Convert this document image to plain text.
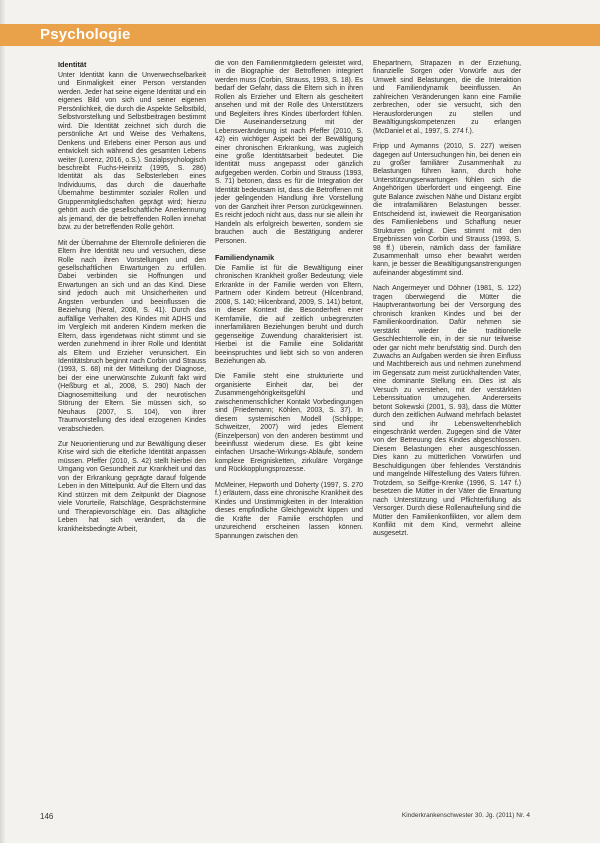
Psychologie
Identität

Unter Identität kann die Unverwechselbarkeit und Einmaligkeit einer Person verstanden werden. Jeder hat seine eigene Identität und ein eigenes Bild von sich und seiner eigenen Persönlichkeit, die durch die Aspekte Selbstbild, Selbstvorstellung und Selbstbeitragen bestimmt wird. Die Identität zeichnet sich durch die persönliche Art und Weise des Verhaltens, Denkens und Erlebens einer Person aus und entwickelt sich während des gesamten Lebens weiter (Lorenz, 2016, o.S.). Sozialpsychologisch beschreibt Fuchs-Heinritz (1995, S. 286) Identität als das Selbsterleben eines Individuums, das durch die dauerhafte Übernahme bestimmter sozialer Rollen und Gruppenmitgliedschaften geprägt wird; hierzu gehört auch die gesellschaftliche Anerkennung als jemand, der die betreffenden Rollen innehat bzw. zu der betreffenden Rolle gehört.

Mit der Übernahme der Elternrolle definieren die Eltern ihre Identität neu und versuchen, diese Rolle nach ihren Vorstellungen und den gesellschaftlichen Erwartungen zu erfüllen. Dabei verbinden sie Hoffnungen und Erwartungen an sich und an das Kind. Diese sind jedoch auch mit Unsicherheiten und Ängsten verbunden und beeinflussen die Beziehung (Neral, 2008, S. 41). Durch das auffällige Verhalten des Kindes mit ADHS und im Vergleich mit anderen Kindern merken die Eltern, dass irgendetwas nicht stimmt und sie werden zunehmend in ihrer Rolle und Identität als Eltern und Erzieher verunsichert. Ein Identitätsbruch beginnt nach Corbin und Strauss (1993, S. 68) mit der Mitteilung der Diagnose, bei der eine unerwünschte Zukunft fakt wird (Heßburg et al., 2008, S. 290) Nach der Diagnosemitteilung und der neurotischen Störung der Eltern. Sie müssen sich, so Neuhaus (2007, S. 104), von ihrer Traumvorstellung des ideal erzogenen Kindes verabschieden.

Zur Neuorientierung und zur Bewältigung dieser Krise wird sich die elterliche Identität anpassen müssen. Pfeffer (2010, S. 42) stellt hierbei den Umgang von Gesundheit zur Krankheit und das von der Erkrankung geprägte darauf folgende Leben in den Mittelpunkt. Auf die Eltern und das Kind stürzen mit dem Zeitpunkt der Diagnose viele Vorurteile, Ratschläge, Gesprächstermine und Therapievorschläge ein. Das alltägliche Leben hat sich verändert, da die krankheitsbedingte Arbeit,

die von den Familienmitgliedern geleistet wird, in die Biographie der Betroffenen integriert werden muss (Corbin, Strauss, 1993, S. 18). Es bedarf der Gefahr, dass die Eltern sich in ihren Rollen als Erzieher und Eltern als gescheitert ansehen und mit der Rolle des Unterstützers und Begleiters ihres Kindes überfordert fühlen. Die Auseinandersetzung mit der Lebensveränderung ist nach Pfeffer (2010, S. 42) ein wichtiger Aspekt bei der Bewältigung einer chronischen Erkrankung, was zugleich eine große Identitätsarbeit bedeutet. Die Identität muss angepasst oder gänzlich aufgegeben werden. Corbin und Strauss (1993, S. 71) betonen, dass es für die Integration der Identität bedeutsam ist, dass die Betroffenen mit jeder gelingenden Handlung ihre Vorstellung von der Ganzheit ihrer Person zurückgewinnen. Es reicht jedoch nicht aus, dass nur sie allein ihr Handeln als erfolgreich bewerten, sondern sie brauchen auch die Bestätigung anderer Personen.

Familiendynamik

Die Familie ist für die Bewältigung einer chronischen Krankheit großer Bedeutung; viele Erkrankte in der Familie werden von Eltern, Partnern oder Kindern betreut (Hilcenbrand, 2008, S. 140; Hilcenbrand, 2009, S. 141) betont, in dieser Kontext die Besonderheit einer Kernfamilie, die auf zeitlich unbegrenzten innerfamiliären Beziehungen beruht und durch gegenseitige Zuwendung charakterisiert ist. Hierbei ist die Familie eine Solidarität beeinspruchtes und liebt sich so von anderen Beziehungen ab.

Die Familie steht eine strukturierte und organisierte Einheit dar, bei der Zusammengehörigkeitsgefühl und zwischenmenschlicher Kontakt Vorbedingungen sind (Friedemann; Köhlen, 2003, S. 37). In diesem systemischen Modell (Schlippe; Schweitzer, 2007) wird jedes Element (Einzelperson) von den anderen bestimmt und beeinflusst wiederum diese. Es gibt keine einfachen Ursache-Wirkungs-Abläufe, sondern komplexe Ereignisketten, zirkuläre Vorgänge und Rückkopplungsprozesse.

McMeiner, Hepworth und Doherty (1997, S. 270 f.) erläutern, dass eine chronische Krankheit des Kindes und Unstimmigkeiten in der Interaktion dieses empfindliche Gleichgewicht kippen und die Kräfte der Familie erschöpfen und unzureichend erscheinen lassen können. Spannungen zwischen den

Ehepartnern, Strapazen in der Erziehung, finanzielle Sorgen oder Vorwürfe aus der Umwelt sind Belastungen, die die Interaktion und Familiendynamik beeinflussen. An zahlreichen Veränderungen kann eine Familie zerbrechen, oder sie versucht, sich den Herausforderungen zu stellen und Bewältigungskompetenzen zu erlangen (McDaniel et al., 1997, S. 274 f.).

Fripp und Aymanns (2010, S. 227) weisen dagegen auf Untersuchungen hin, bei denen ein zu großer familiärer Zusammenhalt zu Belastungen führen kann, durch hohe Unterstützungserwartungen fühlen sich die Angehörigen überfordert und eingeengt. Eine gute Balance zwischen Nähe und Distanz ergibt die intrafamiliären Belastungen besser. Entscheidend ist, inwieweit die Reorganisation des Familienlebens und Schaffung neuer Strukturen gelingt. Dies stimmt mit den Ergebnissen von Corbin und Strauss (1993, S. 98 ff.) überein, nämlich dass der familiäre Zusammenhalt umso eher bewahrt werden kann, je besser die Bewältigungsanstrengungen aufeinander abgestimmt sind.

Nach Angermeyer und Döhner (1981, S. 122) tragen überwiegend die Mütter die Hauptverantwortung bei der Versorgung des chronisch kranken Kindes und bei der Familienkoordination. Dafür nehmen sie verstärkt wieder die traditionelle Geschlechterrolle ein, in der sie nur teilweise oder gar nicht mehr berufstätig sind. Durch den Zuwachs an Aufgaben werden sie ihren Einfluss und Machtbereich aus und nehmen zunehmend im Gegensatz zum meist zurückhaltenden Vater, eine dominante Stellung ein. Dies ist als Versuch zu verstehen, mit der verstärkten Lebenssituation umzugehen. Andererseits betont Sokewski (2001, S. 93), dass die Mütter durch den zeitlichen Aufwand mehrfach belastet sind und ihr Lebensweltenrheblich eingeschränkt werden. Zugegen sind die Väter von der Betreuung des Kindes abgeschlossen. Diesem Belastungen eher ausgeschlossen. Dies kann zu mütterlichen Vorwürfen und Beschuldigungen über fehlendes Verständnis und mangelnde Hilfestellung des Vaters führen. Trotzdem, so Seiffge-Krenke (1996, S. 147 f.) besetzen die Mütter in der Väter die Erwartung nach Unterstützung und Pflichterfüllung als Versorger. Durch diese Rollenaufteilung sind die Mütter den Familienkonflikten, vor allem dem Konflikt mit dem Kind, vermehrt alleine ausgesetzt.

146	Kinderkrankenschwester 30. Jg. (2011) Nr. 4
